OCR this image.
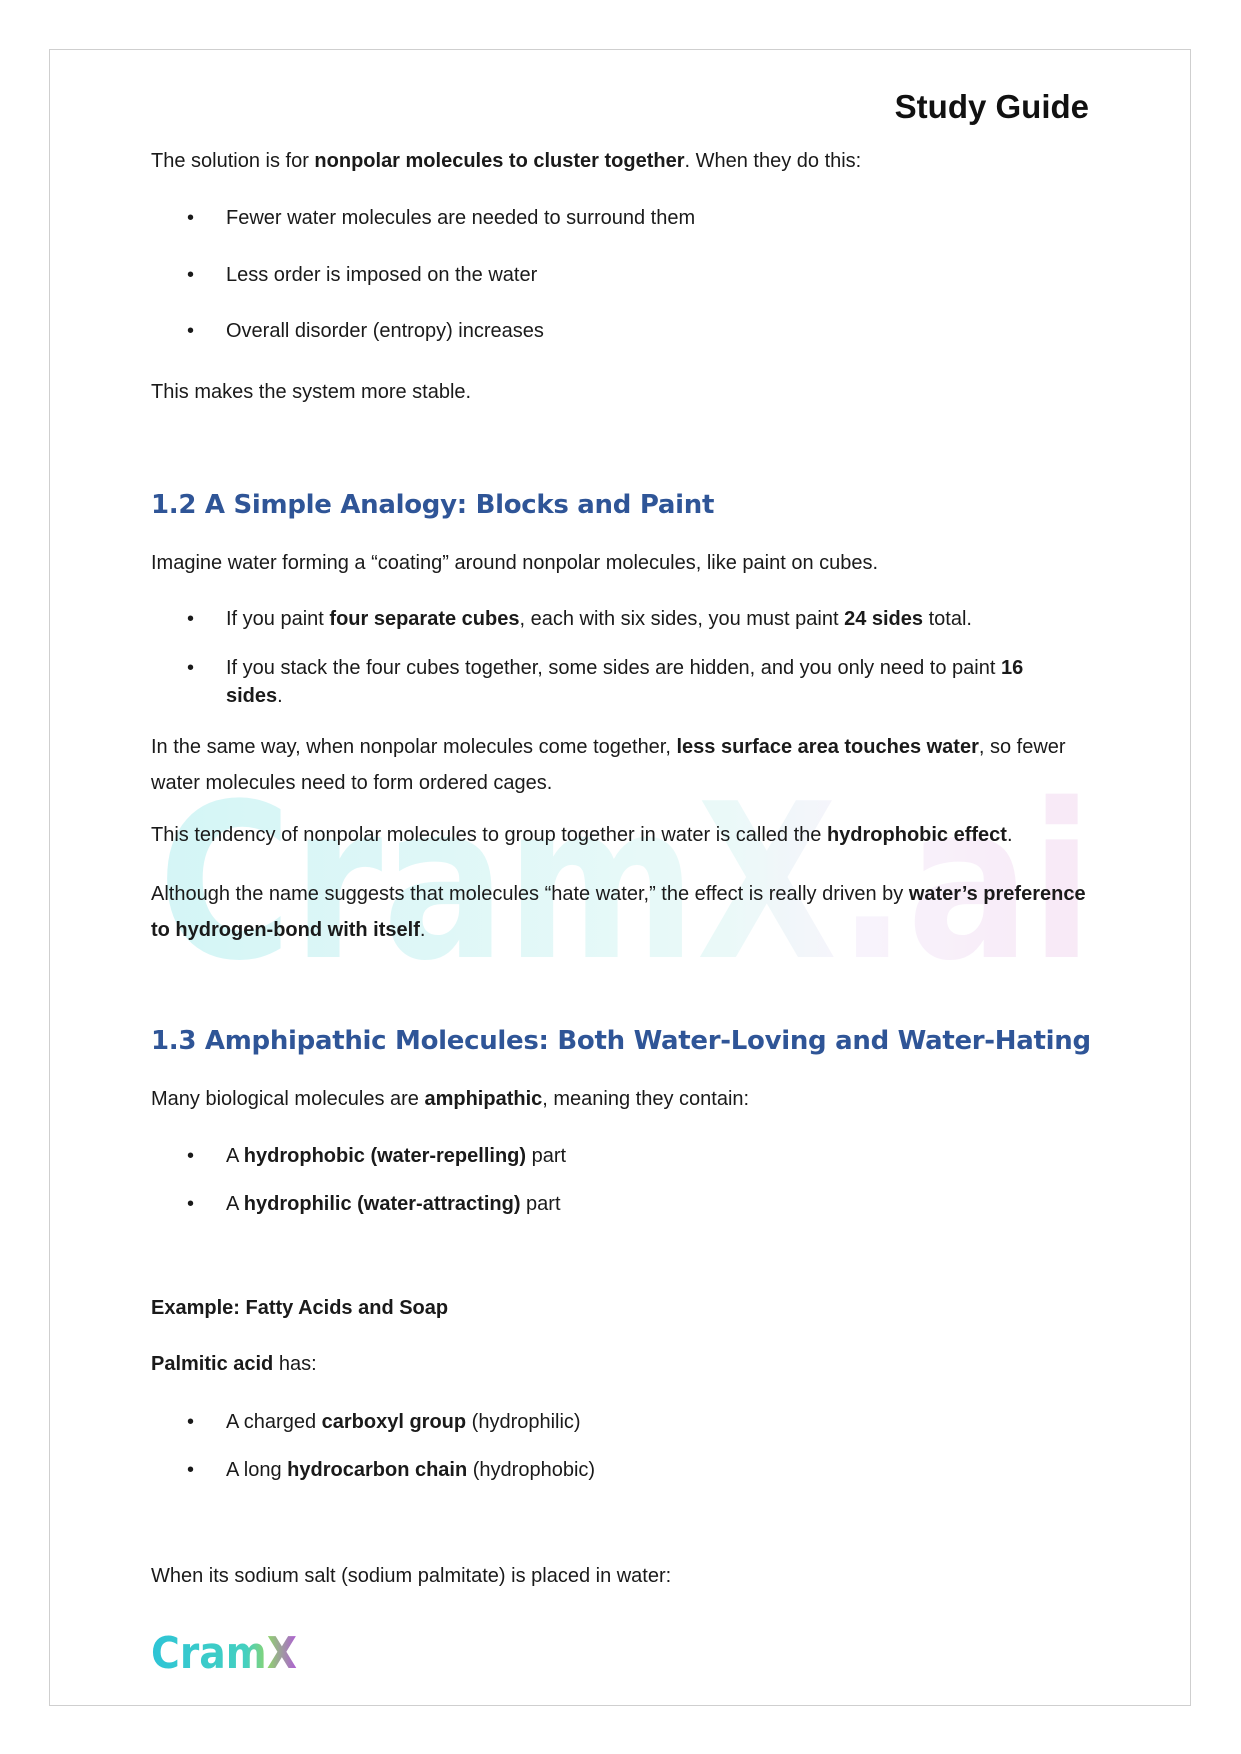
Study Guide
CramX.ai

The solution is for nonpolar molecules to cluster together. When they do this:

•	Fewer water molecules are needed to surround them
•	Less order is imposed on the water
•	Overall disorder (entropy) increases

This makes the system more stable.

1.2 A Simple Analogy: Blocks and Paint

Imagine water forming a “coating” around nonpolar molecules, like paint on cubes.

•	If you paint four separate cubes, each with six sides, you must paint 24 sides total.
•	If you stack the four cubes together, some sides are hidden, and you only need to paint 16 sides.

In the same way, when nonpolar molecules come together, less surface area touches water, so fewer water molecules need to form ordered cages.

This tendency of nonpolar molecules to group together in water is called the hydrophobic effect.

Although the name suggests that molecules “hate water,” the effect is really driven by water’s preference to hydrogen-bond with itself.

1.3 Amphipathic Molecules: Both Water-Loving and Water-Hating

Many biological molecules are amphipathic, meaning they contain:

•	A hydrophobic (water-repelling) part
•	A hydrophilic (water-attracting) part

Example: Fatty Acids and Soap

Palmitic acid has:

•	A charged carboxyl group (hydrophilic)
•	A long hydrocarbon chain (hydrophobic)

When its sodium salt (sodium palmitate) is placed in water:

CramX
